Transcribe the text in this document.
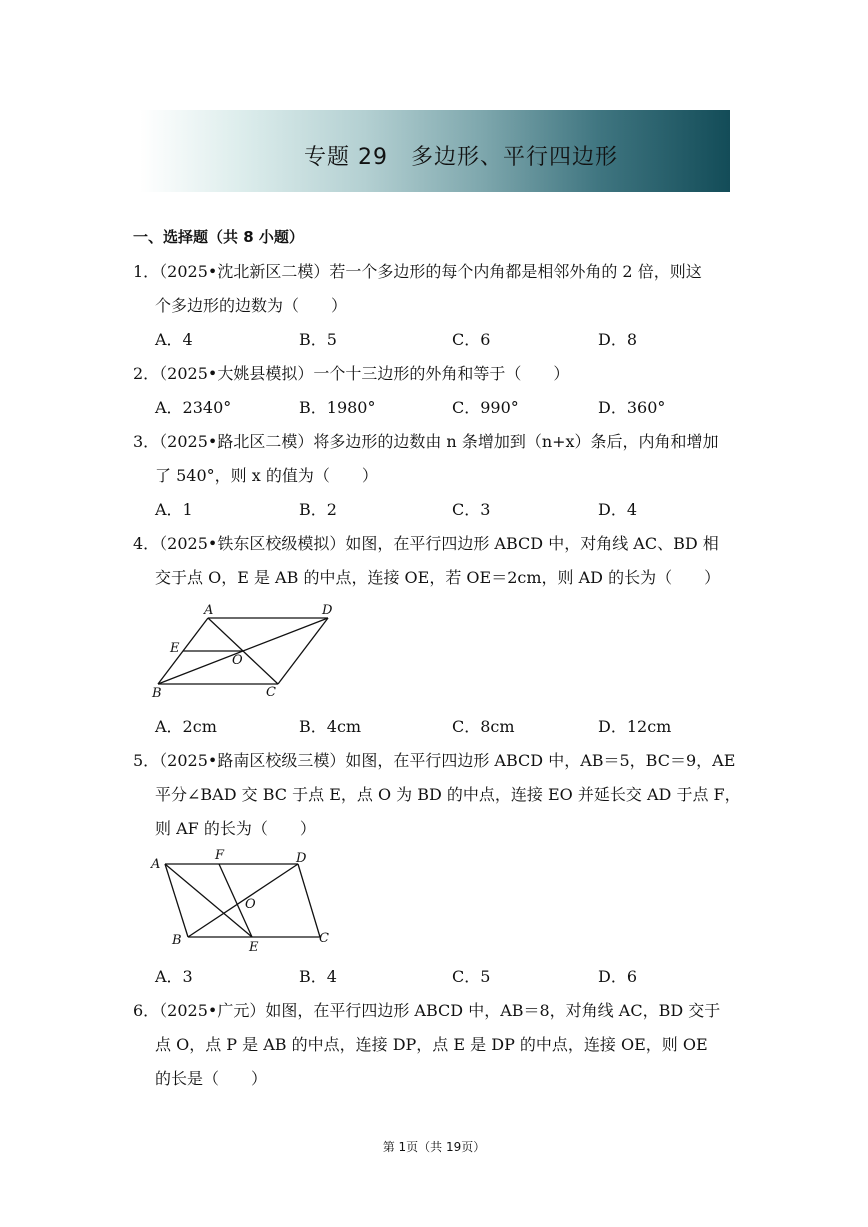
专题 29　多边形、平行四边形
一、选择题（共 8 小题）
1．（2025•沈北新区二模）若一个多边形的每个内角都是相邻外角的 2 倍，则这
个多边形的边数为（　　）
A．4	B．5	C．6	D．8
2．（2025•大姚县模拟）一个十三边形的外角和等于（　　）
A．2340°	B．1980°	C．990°	D．360°
3．（2025•路北区二模）将多边形的边数由 n 条增加到（n+x）条后，内角和增加
了 540°，则 x 的值为（　　）
A．1	B．2	C．3	D．4
4．（2025•铁东区校级模拟）如图，在平行四边形 ABCD 中，对角线 AC、BD 相
交于点 O，E 是 AB 的中点，连接 OE，若 OE＝2cm，则 AD 的长为（　　）
A	D
E
O
B	C
A．2cm	B．4cm	C．8cm	D．12cm
5．（2025•路南区校级三模）如图，在平行四边形 ABCD 中，AB＝5，BC＝9，AE
平分∠BAD 交 BC 于点 E，点 O 为 BD 的中点，连接 EO 并延长交 AD 于点 F，
则 AF 的长为（　　）
A
F	D
O
B	E
C
A．3	B．4	C．5	D．6
6．（2025•广元）如图，在平行四边形 ABCD 中，AB＝8，对角线 AC，BD 交于
点 O，点 P 是 AB 的中点，连接 DP，点 E 是 DP 的中点，连接 OE，则 OE
的长是（　　）
第 1页（共 19页）
